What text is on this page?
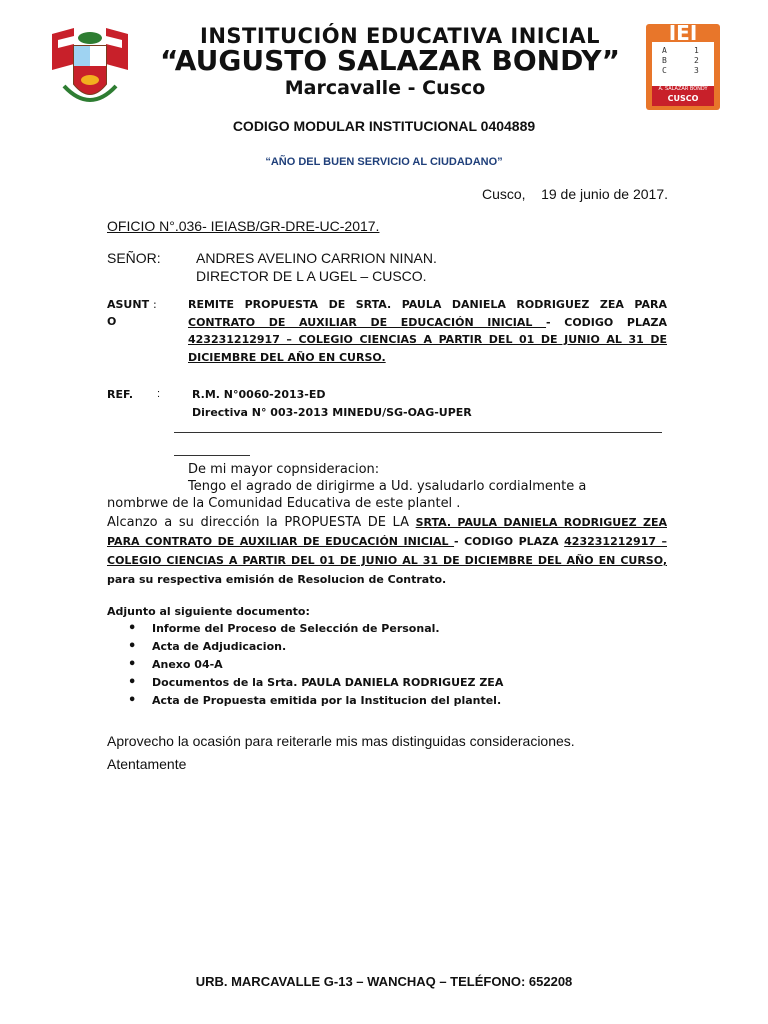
IEI
A
B
C
1
2
3
A. SALAZAR BONDY
CUSCO
INSTITUCIÓN EDUCATIVA INICIAL
“AUGUSTO SALAZAR BONDY”
Marcavalle - Cusco
CODIGO MODULAR INSTITUCIONAL 0404889
“AÑO DEL BUEN SERVICIO AL CIUDADANO”
Cusco,    19 de junio de 2017.
OFICIO N°.036- IEIASB/GR-DRE-UC-2017.
SEÑOR:	ANDRES AVELINO CARRION NINAN.
DIRECTOR DE L A UGEL – CUSCO.
ASUNT :

O
REMITE PROPUESTA DE SRTA. PAULA DANIELA RODRIGUEZ ZEA PARA CONTRATO DE AUXILIAR DE EDUCACIÓN INICIAL - CODIGO PLAZA 423231212917 – COLEGIO CIENCIAS A PARTIR DEL 01 DE JUNIO AL 31 DE DICIEMBRE DEL AÑO EN CURSO.
REF. :	R.M. N°0060-2013-ED
Directiva N° 003-2013 MINEDU/SG-OAG-UPER
De mi mayor copnsideracion:
Tengo el agrado de dirigirme a Ud. ysaludarlo cordialmente a
nombrwe de la Comunidad Educativa de este plantel .
Alcanzo a su dirección la PROPUESTA DE LA SRTA. PAULA DANIELA RODRIGUEZ ZEA PARA CONTRATO DE AUXILIAR DE EDUCACIÓN INICIAL - CODIGO PLAZA 423231212917 – COLEGIO CIENCIAS A PARTIR DEL 01 DE JUNIO AL 31 DE DICIEMBRE DEL AÑO EN CURSO, para su respectiva emisión de Resolucion de Contrato.
Adjunto al siguiente documento:
• Informe del Proceso de Selección de Personal.
• Acta de Adjudicacion.
• Anexo 04-A
• Documentos de la Srta. PAULA DANIELA RODRIGUEZ ZEA
• Acta de Propuesta emitida por la Institucion del plantel.
Aprovecho la ocasión para reiterarle mis mas distinguidas consideraciones.
Atentamente
URB. MARCAVALLE G-13 – WANCHAQ – TELÉFONO: 652208
